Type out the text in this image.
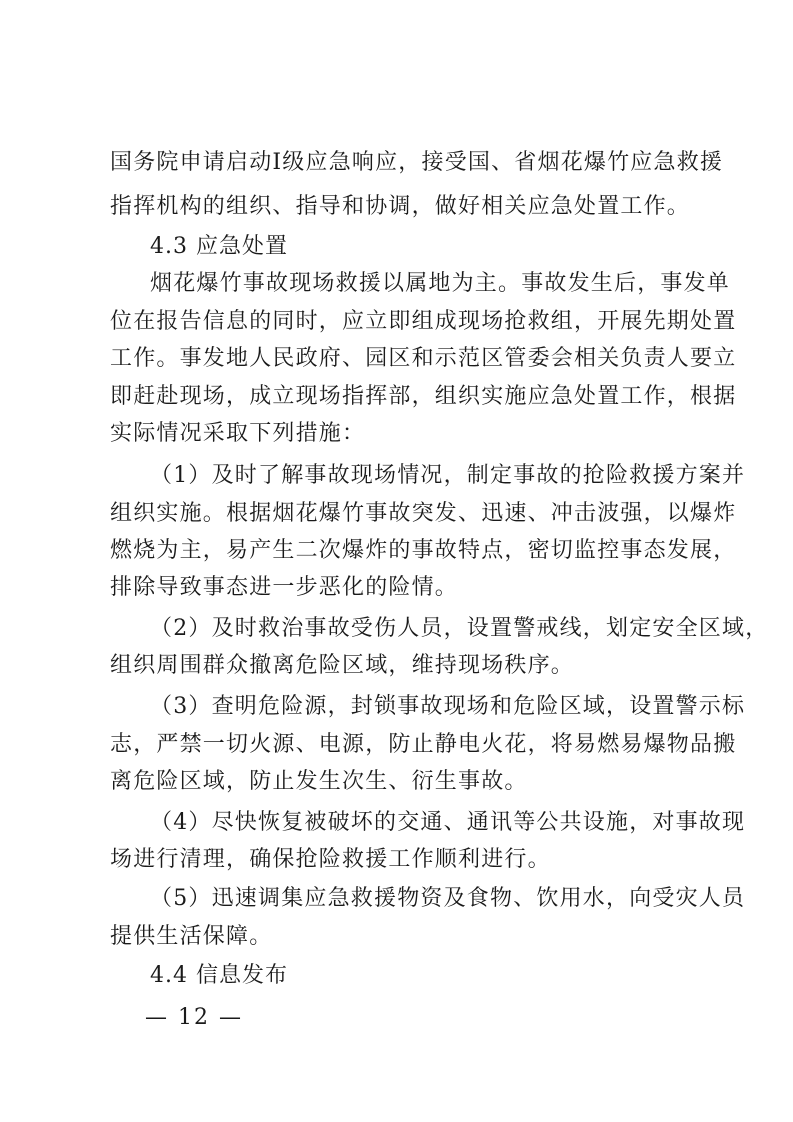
国务院申请启动Ⅰ级应急响应，接受国、省烟花爆竹应急救援
指挥机构的组织、指导和协调，做好相关应急处置工作。
4.3 应急处置
烟花爆竹事故现场救援以属地为主。事故发生后，事发单
位在报告信息的同时，应立即组成现场抢救组，开展先期处置
工作。事发地人民政府、园区和示范区管委会相关负责人要立
即赶赴现场，成立现场指挥部，组织实施应急处置工作，根据
实际情况采取下列措施：
（1）及时了解事故现场情况，制定事故的抢险救援方案并
组织实施。根据烟花爆竹事故突发、迅速、冲击波强，以爆炸
燃烧为主，易产生二次爆炸的事故特点，密切监控事态发展，
排除导致事态进一步恶化的险情。
（2）及时救治事故受伤人员，设置警戒线，划定安全区域，
组织周围群众撤离危险区域，维持现场秩序。
（3）查明危险源，封锁事故现场和危险区域，设置警示标
志，严禁一切火源、电源，防止静电火花，将易燃易爆物品搬
离危险区域，防止发生次生、衍生事故。
（4）尽快恢复被破坏的交通、通讯等公共设施，对事故现
场进行清理，确保抢险救援工作顺利进行。
（5）迅速调集应急救援物资及食物、饮用水，向受灾人员
提供生活保障。
4.4 信息发布
— 12 —
